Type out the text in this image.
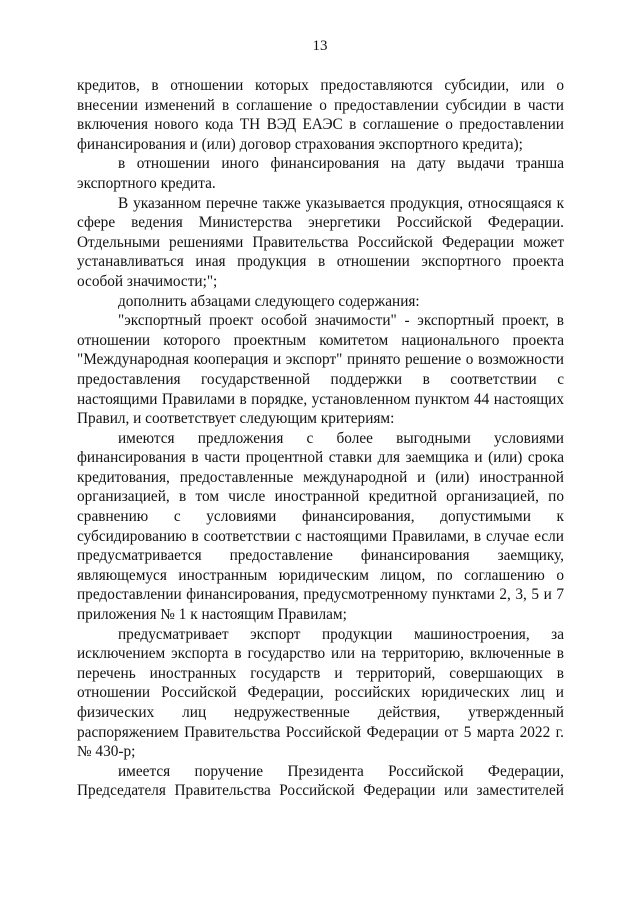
13

кредитов, в отношении которых предоставляются субсидии, или о внесении изменений в соглашение о предоставлении субсидии в части включения нового кода ТН ВЭД ЕАЭС в соглашение о предоставлении финансирования и (или) договор страхования экспортного кредита);

в отношении иного финансирования на дату выдачи транша экспортного кредита.

В указанном перечне также указывается продукция, относящаяся к сфере ведения Министерства энергетики Российской Федерации. Отдельными решениями Правительства Российской Федерации может устанавливаться иная продукция в отношении экспортного проекта особой значимости;";

дополнить абзацами следующего содержания:

"экспортный проект особой значимости" - экспортный проект, в отношении которого проектным комитетом национального проекта "Международная кооперация и экспорт" принято решение о возможности предоставления государственной поддержки в соответствии с настоящими Правилами в порядке, установленном пунктом 44 настоящих Правил, и соответствует следующим критериям:

имеются предложения с более выгодными условиями финансирования в части процентной ставки для заемщика и (или) срока кредитования, предоставленные международной и (или) иностранной организацией, в том числе иностранной кредитной организацией, по сравнению с условиями финансирования, допустимыми к субсидированию в соответствии с настоящими Правилами, в случае если предусматривается предоставление финансирования заемщику, являющемуся иностранным юридическим лицом, по соглашению о предоставлении финансирования, предусмотренному пунктами 2, 3, 5 и 7 приложения № 1 к настоящим Правилам;

предусматривает экспорт продукции машиностроения, за исключением экспорта в государство или на территорию, включенные в перечень иностранных государств и территорий, совершающих в отношении Российской Федерации, российских юридических лиц и физических лиц недружественные действия, утвержденный распоряжением Правительства Российской Федерации от 5 марта 2022 г. № 430-р;

имеется поручение Президента Российской Федерации, Председателя Правительства Российской Федерации или заместителей
